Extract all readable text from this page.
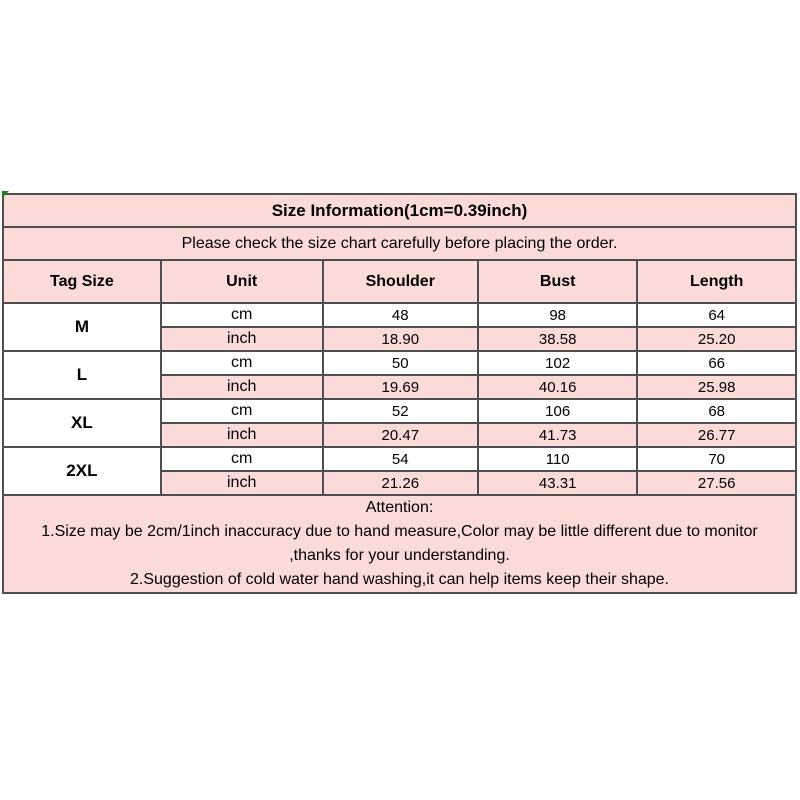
Size Information(1cm=0.39inch)				
Please check the size chart carefully before placing the order.				
Tag Size	Unit	Shoulder	Bust	Length
M	cm	48	98	64
	inch	18.90	38.58	25.20
L	cm	50	102	66
	inch	19.69	40.16	25.98
XL	cm	52	106	68
	inch	20.47	41.73	26.77
2XL	cm	54	110	70
	inch	21.26	43.31	27.56

Attention:
1.Size may be 2cm/1inch inaccuracy due to hand measure,Color may be little different due to monitor
,thanks for your understanding.
2.Suggestion of cold water hand washing,it can help items keep their shape.				
